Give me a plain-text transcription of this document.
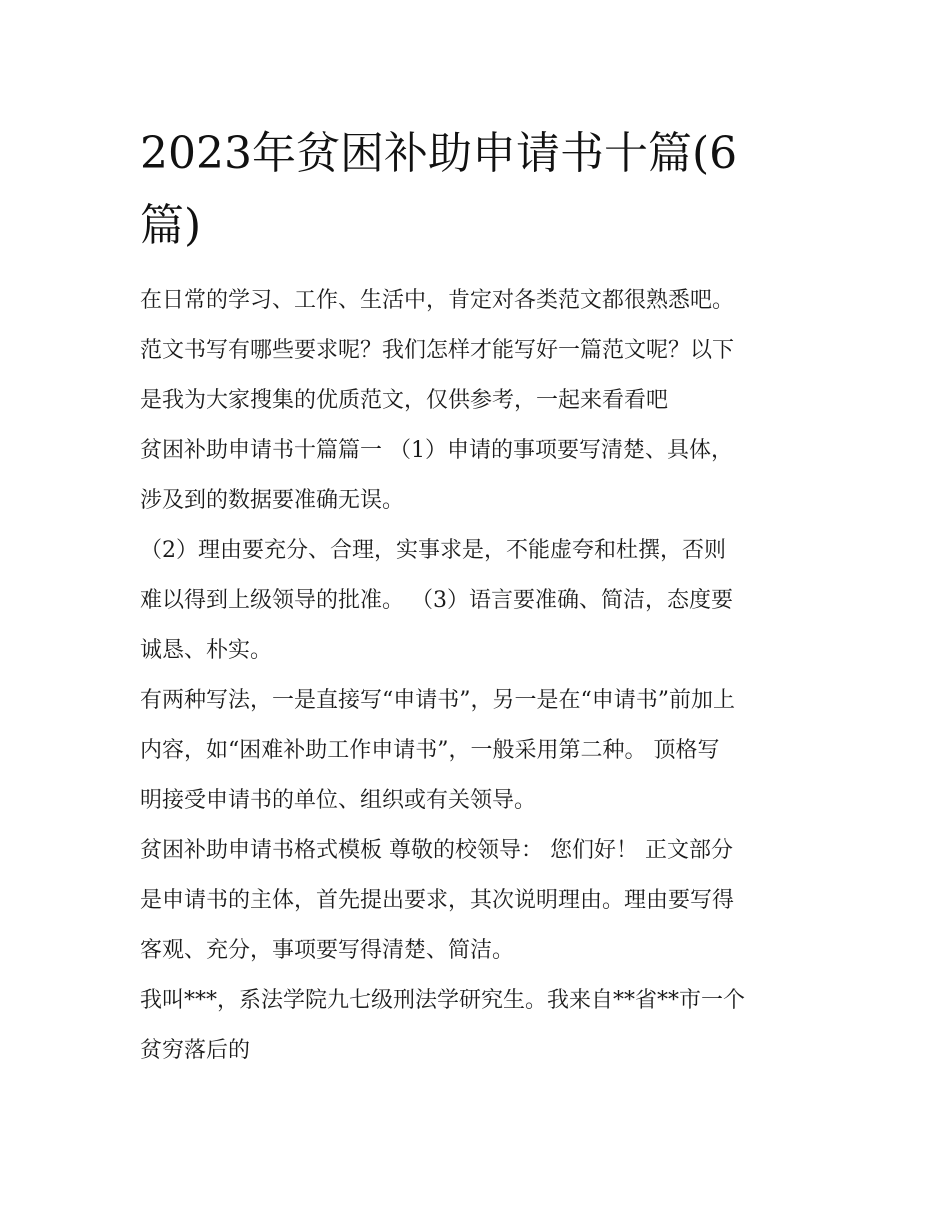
2023年贫困补助申请书十篇(6
篇)
在日常的学习、工作、生活中，肯定对各类范文都很熟悉吧。
范文书写有哪些要求呢？我们怎样才能写好一篇范文呢？以下
是我为大家搜集的优质范文，仅供参考，一起来看看吧
贫困补助申请书十篇篇一 （1）申请的事项要写清楚、具体，
涉及到的数据要准确无误。
（2）理由要充分、合理，实事求是，不能虚夸和杜撰，否则
难以得到上级领导的批准。 （3）语言要准确、简洁，态度要
诚恳、朴实。
有两种写法，一是直接写“申请书”，另一是在“申请书”前加上
内容，如“困难补助工作申请书”，一般采用第二种。 顶格写
明接受申请书的单位、组织或有关领导。
贫困补助申请书格式模板 尊敬的校领导： 您们好！ 正文部分
是申请书的主体，首先提出要求，其次说明理由。理由要写得
客观、充分，事项要写得清楚、简洁。
我叫***，系法学院九七级刑法学研究生。我来自**省**市一个
贫穷落后的
